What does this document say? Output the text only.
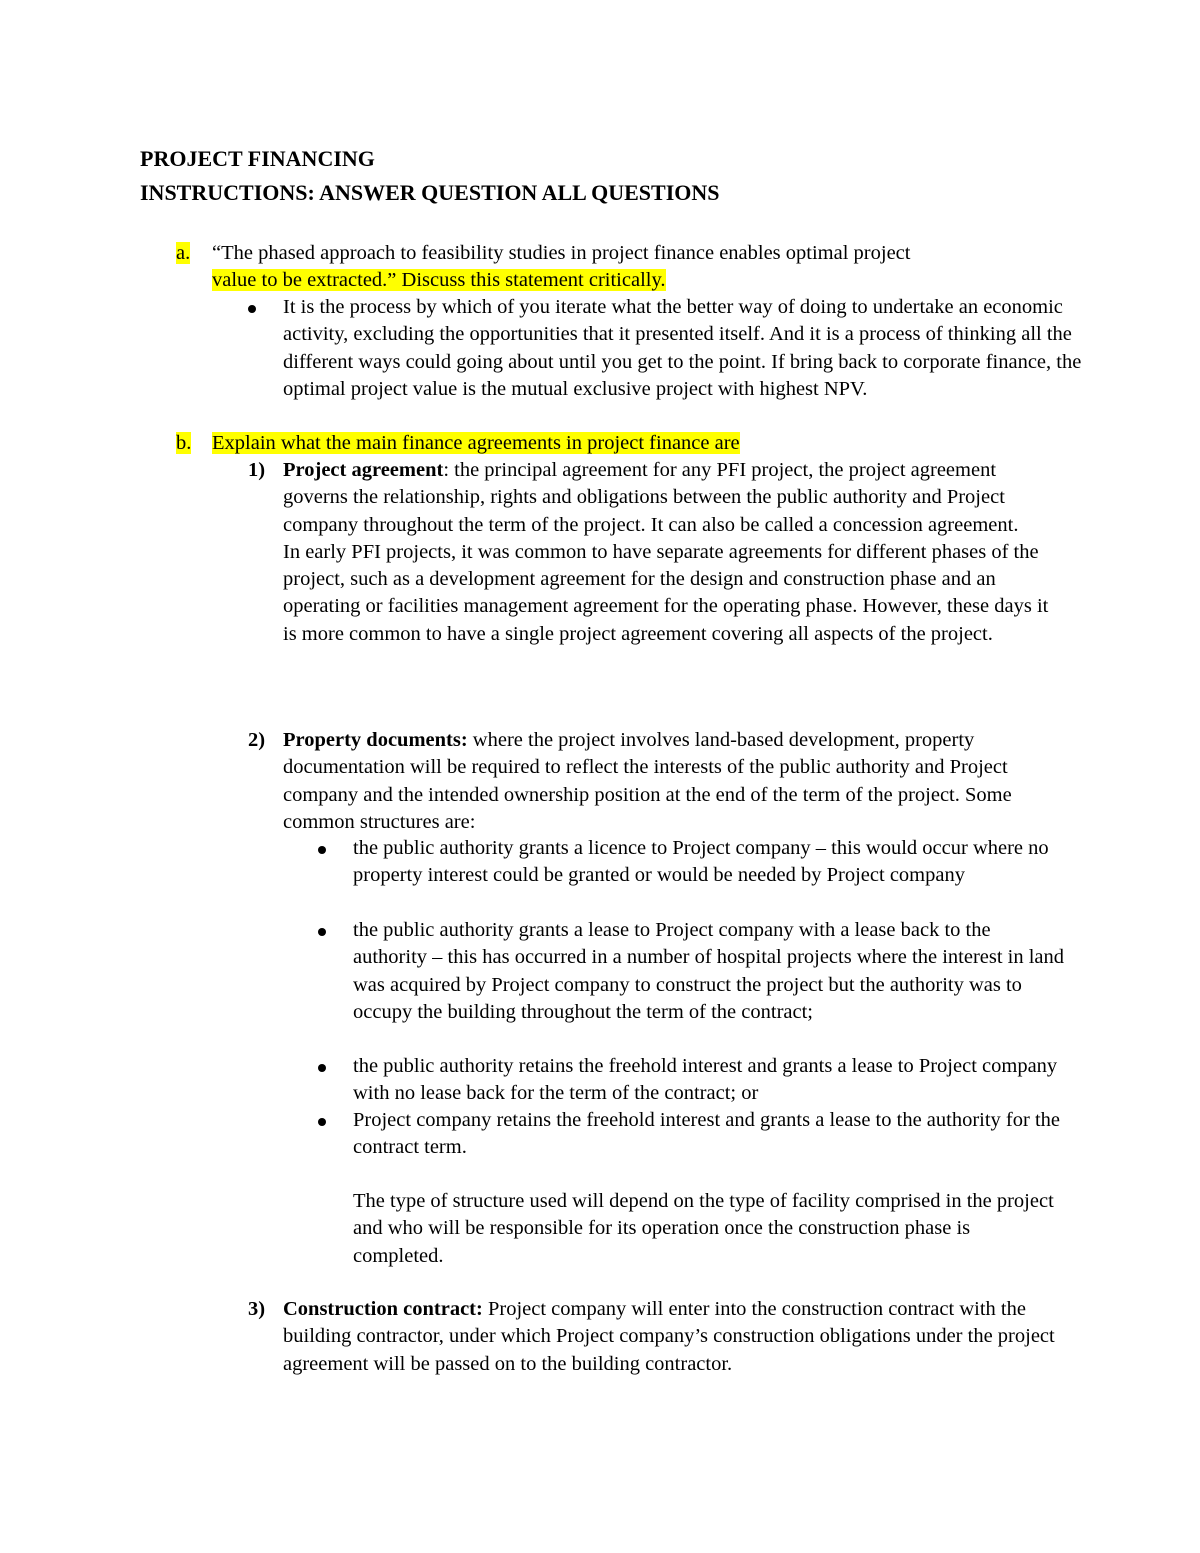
PROJECT FINANCING
INSTRUCTIONS: ANSWER QUESTION ALL QUESTIONS
a. “The phased approach to feasibility studies in project finance enables optimal project
value to be extracted.” Discuss this statement critically.
It is the process by which of you iterate what the better way of doing to undertake an economic activity, excluding the opportunities that it presented itself. And it is a process of thinking all the different ways could going about until you get to the point. If bring back to corporate finance, the optimal project value is the mutual exclusive project with highest NPV.
b. Explain what the main finance agreements in project finance are
1) Project agreement: the principal agreement for any PFI project, the project agreement governs the relationship, rights and obligations between the public authority and Project company throughout the term of the project. It can also be called a concession agreement.
In early PFI projects, it was common to have separate agreements for different phases of the project, such as a development agreement for the design and construction phase and an operating or facilities management agreement for the operating phase. However, these days it is more common to have a single project agreement covering all aspects of the project.
2) Property documents: where the project involves land-based development, property documentation will be required to reflect the interests of the public authority and Project company and the intended ownership position at the end of the term of the project. Some common structures are:
the public authority grants a licence to Project company – this would occur where no property interest could be granted or would be needed by Project company
the public authority grants a lease to Project company with a lease back to the authority – this has occurred in a number of hospital projects where the interest in land was acquired by Project company to construct the project but the authority was to occupy the building throughout the term of the contract;
the public authority retains the freehold interest and grants a lease to Project company with no lease back for the term of the contract; or
Project company retains the freehold interest and grants a lease to the authority for the contract term.
The type of structure used will depend on the type of facility comprised in the project and who will be responsible for its operation once the construction phase is completed.
3) Construction contract: Project company will enter into the construction contract with the building contractor, under which Project company’s construction obligations under the project agreement will be passed on to the building contractor.
